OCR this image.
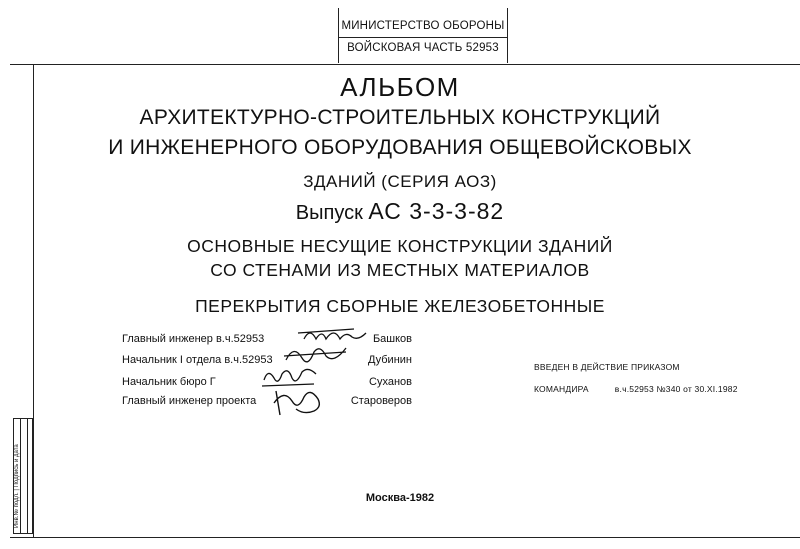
МИНИСТЕРСТВО ОБОРОНЫ
ВОЙСКОВАЯ ЧАСТЬ 52953
АЛЬБОМ
АРХИТЕКТУРНО-СТРОИТЕЛЬНЫХ КОНСТРУКЦИЙ
И ИНЖЕНЕРНОГО ОБОРУДОВАНИЯ ОБЩЕВОЙСКОВЫХ
ЗДАНИЙ (СЕРИЯ АОЗ)
Выпуск АС 3-3-3-82
ОСНОВНЫЕ НЕСУЩИЕ КОНСТРУКЦИИ ЗДАНИЙ
СО СТЕНАМИ ИЗ МЕСТНЫХ МАТЕРИАЛОВ
ПЕРЕКРЫТИЯ СБОРНЫЕ ЖЕЛЕЗОБЕТОННЫЕ
Главный инженер в.ч.52953	Башков
Начальник I отдела в.ч.52953	Дубинин
Начальник бюро Г	Суханов
Главный инженер проекта	Староверов
ВВЕДЕН В ДЕЙСТВИЕ ПРИКАЗОМ
КОМАНДИРА	в.ч.52953 №340 от 30.XI.1982
Москва-1982
Инв.№ подл. | Подпись и дата
